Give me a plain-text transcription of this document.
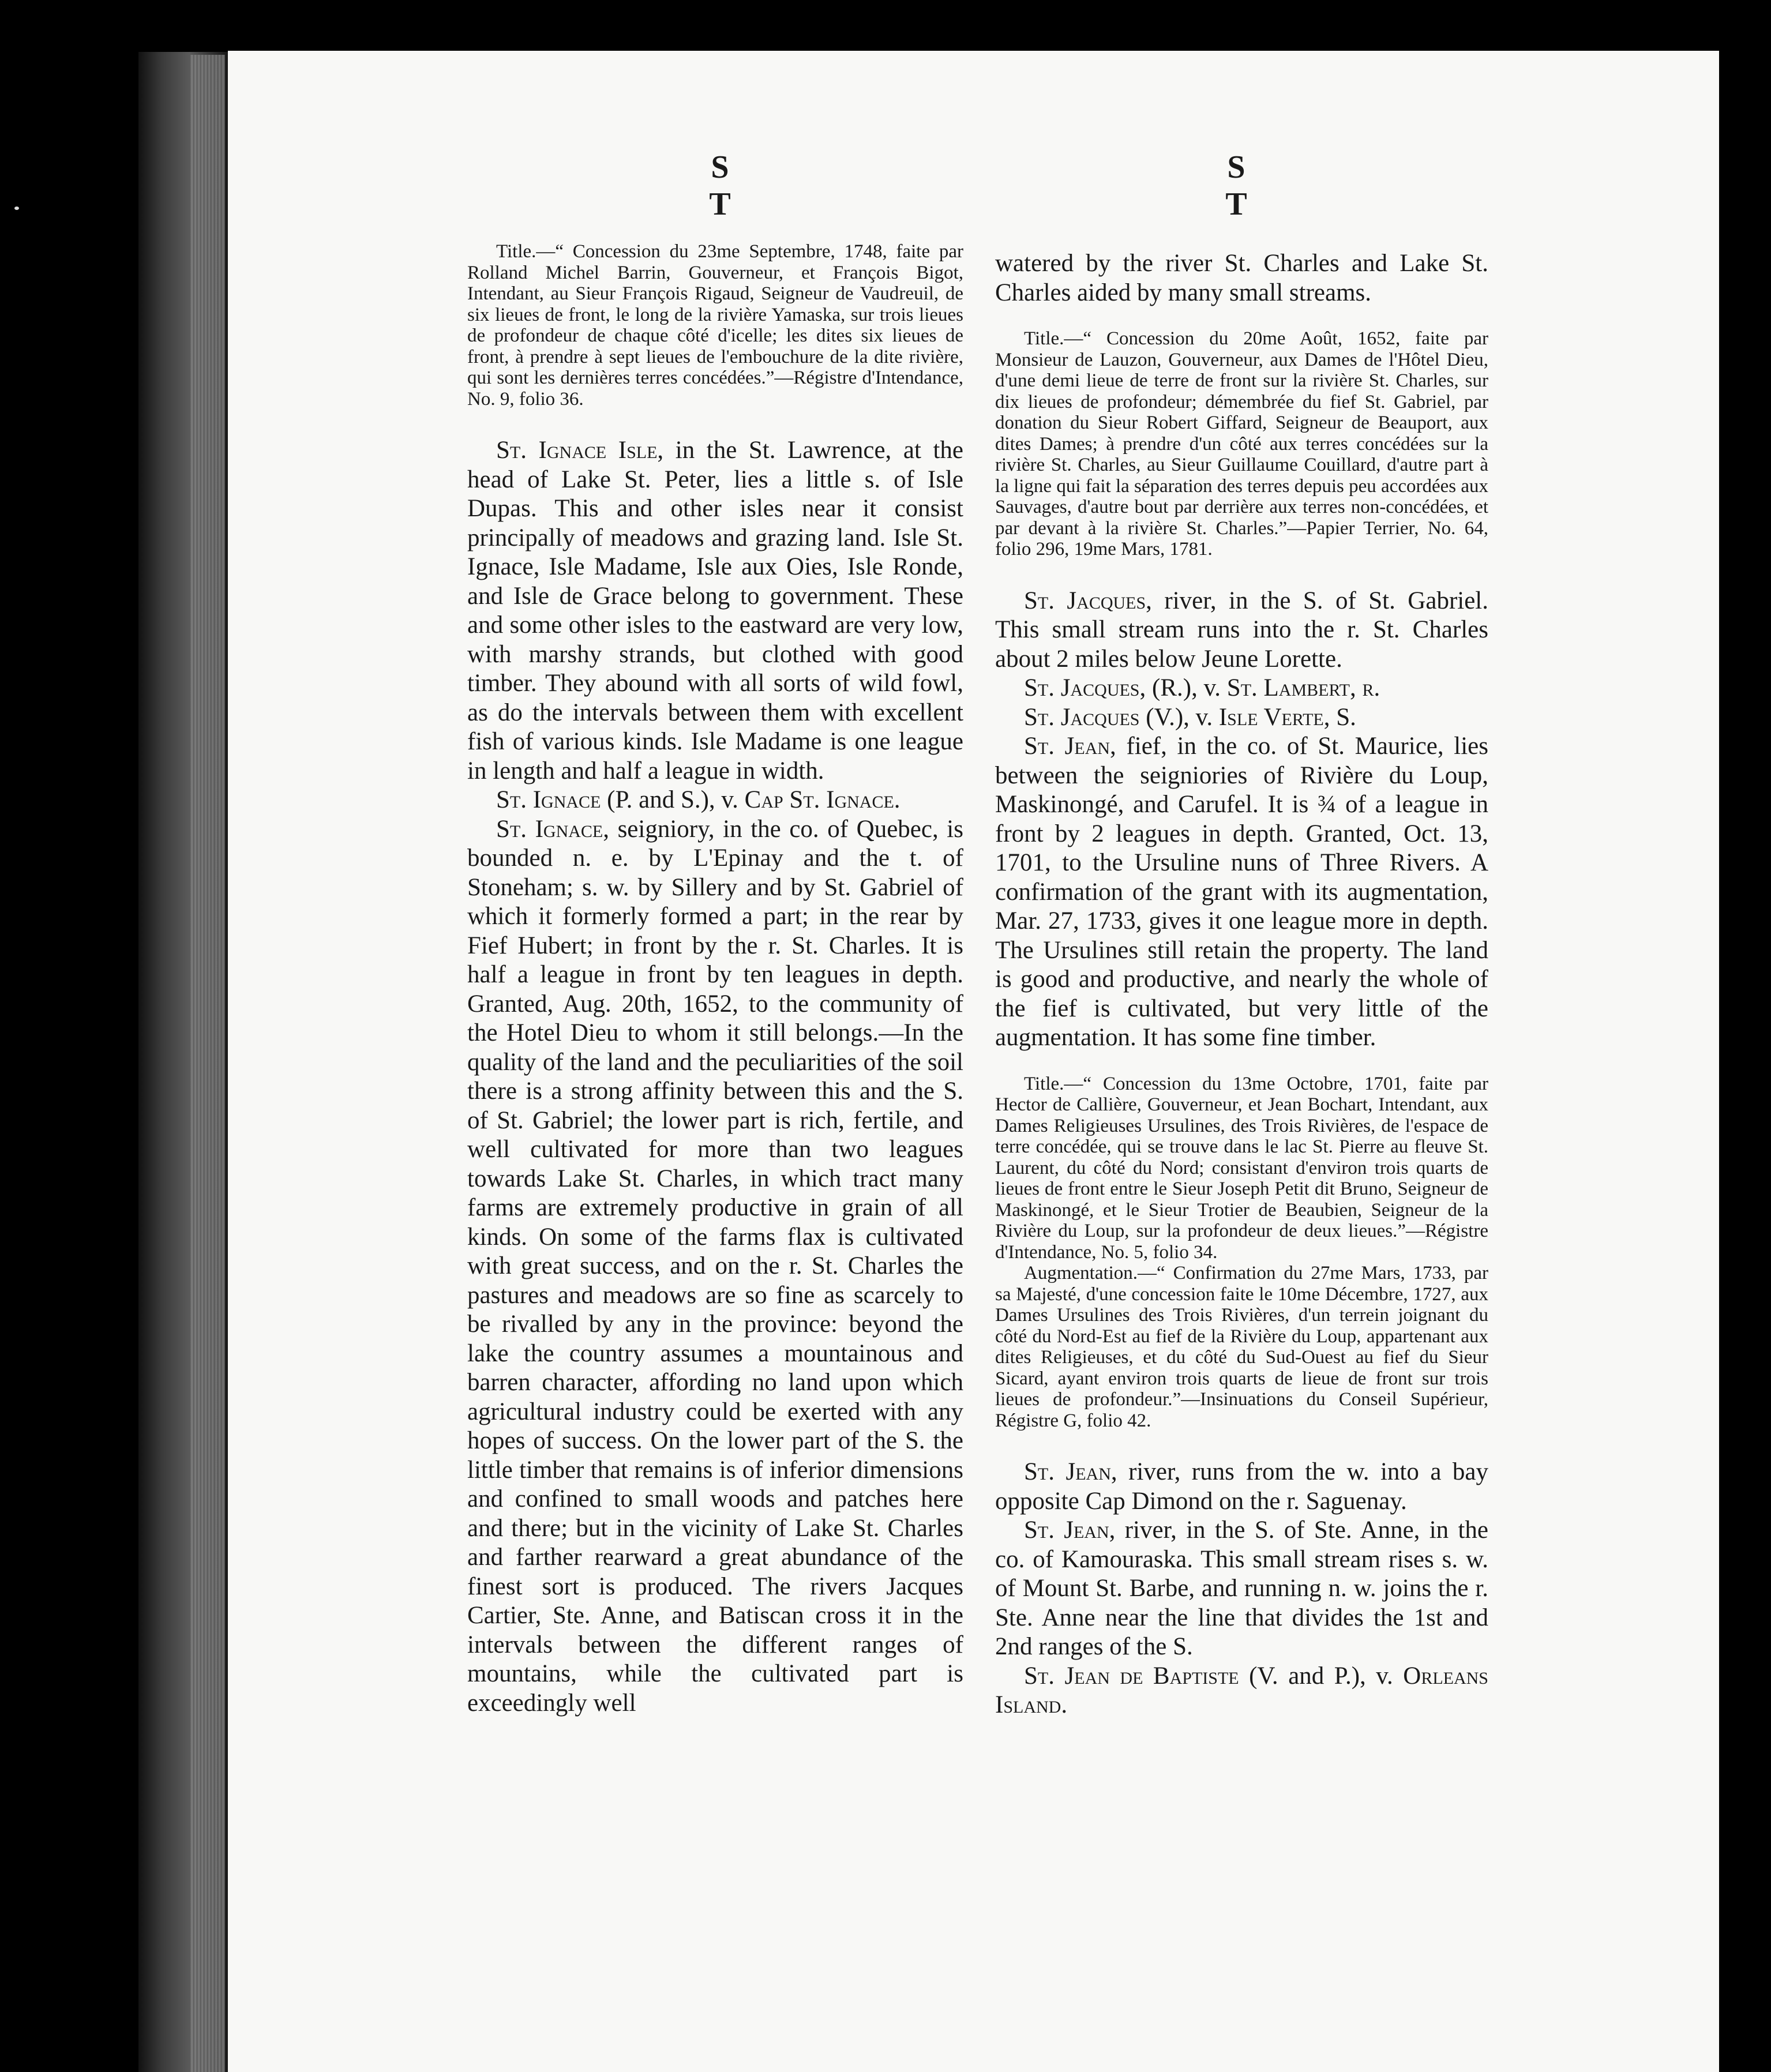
S T
S T

Title.—“ Concession du 23me Septembre, 1748, faite par Rolland Michel Barrin, Gouverneur, et François Bigot, Intendant, au Sieur François Rigaud, Seigneur de Vaudreuil, de six lieues de front, le long de la rivière Yamaska, sur trois lieues de profondeur de chaque côté d'icelle; les dites six lieues de front, à prendre à sept lieues de l'embouchure de la dite rivière, qui sont les dernières terres concédées.”—Régistre d'Intendance, No. 9, folio 36.

St. Ignace Isle, in the St. Lawrence, at the head of Lake St. Peter, lies a little s. of Isle Dupas. This and other isles near it consist principally of meadows and grazing land. Isle St. Ignace, Isle Madame, Isle aux Oies, Isle Ronde, and Isle de Grace belong to government. These and some other isles to the eastward are very low, with marshy strands, but clothed with good timber. They abound with all sorts of wild fowl, as do the intervals between them with excellent fish of various kinds. Isle Madame is one league in length and half a league in width.

St. Ignace (P. and S.), v. Cap St. Ignace.

St. Ignace, seigniory, in the co. of Quebec, is bounded n. e. by L'Epinay and the t. of Stoneham; s. w. by Sillery and by St. Gabriel of which it formerly formed a part; in the rear by Fief Hubert; in front by the r. St. Charles. It is half a league in front by ten leagues in depth. Granted, Aug. 20th, 1652, to the community of the Hotel Dieu to whom it still belongs.—In the quality of the land and the peculiarities of the soil there is a strong affinity between this and the S. of St. Gabriel; the lower part is rich, fertile, and well cultivated for more than two leagues towards Lake St. Charles, in which tract many farms are extremely productive in grain of all kinds. On some of the farms flax is cultivated with great success, and on the r. St. Charles the pastures and meadows are so fine as scarcely to be rivalled by any in the province: beyond the lake the country assumes a mountainous and barren character, affording no land upon which agricultural industry could be exerted with any hopes of success. On the lower part of the S. the little timber that remains is of inferior dimensions and confined to small woods and patches here and there; but in the vicinity of Lake St. Charles and farther rearward a great abundance of the finest sort is produced. The rivers Jacques Cartier, Ste. Anne, and Batiscan cross it in the intervals between the different ranges of mountains, while the cultivated part is exceedingly well

watered by the river St. Charles and Lake St. Charles aided by many small streams.

Title.—“ Concession du 20me Août, 1652, faite par Monsieur de Lauzon, Gouverneur, aux Dames de l'Hôtel Dieu, d'une demi lieue de terre de front sur la rivière St. Charles, sur dix lieues de profondeur; démembrée du fief St. Gabriel, par donation du Sieur Robert Giffard, Seigneur de Beauport, aux dites Dames; à prendre d'un côté aux terres concédées sur la rivière St. Charles, au Sieur Guillaume Couillard, d'autre part à la ligne qui fait la séparation des terres depuis peu accordées aux Sauvages, d'autre bout par derrière aux terres non-concédées, et par devant à la rivière St. Charles.”—Papier Terrier, No. 64, folio 296, 19me Mars, 1781.

St. Jacques, river, in the S. of St. Gabriel. This small stream runs into the r. St. Charles about 2 miles below Jeune Lorette.

St. Jacques, (R.), v. St. Lambert, r.

St. Jacques (V.), v. Isle Verte, S.

St. Jean, fief, in the co. of St. Maurice, lies between the seigniories of Rivière du Loup, Maskinongé, and Carufel. It is ¾ of a league in front by 2 leagues in depth. Granted, Oct. 13, 1701, to the Ursuline nuns of Three Rivers. A confirmation of the grant with its augmentation, Mar. 27, 1733, gives it one league more in depth. The Ursulines still retain the property. The land is good and productive, and nearly the whole of the fief is cultivated, but very little of the augmentation. It has some fine timber.

Title.—“ Concession du 13me Octobre, 1701, faite par Hector de Callière, Gouverneur, et Jean Bochart, Intendant, aux Dames Religieuses Ursulines, des Trois Rivières, de l'espace de terre concédée, qui se trouve dans le lac St. Pierre au fleuve St. Laurent, du côté du Nord; consistant d'environ trois quarts de lieues de front entre le Sieur Joseph Petit dit Bruno, Seigneur de Maskinongé, et le Sieur Trotier de Beaubien, Seigneur de la Rivière du Loup, sur la profondeur de deux lieues.”—Régistre d'Intendance, No. 5, folio 34.

Augmentation.—“ Confirmation du 27me Mars, 1733, par sa Majesté, d'une concession faite le 10me Décembre, 1727, aux Dames Ursulines des Trois Rivières, d'un terrein joignant du côté du Nord-Est au fief de la Rivière du Loup, appartenant aux dites Religieuses, et du côté du Sud-Ouest au fief du Sieur Sicard, ayant environ trois quarts de lieue de front sur trois lieues de profondeur.”—Insinuations du Conseil Supérieur, Régistre G, folio 42.

St. Jean, river, runs from the w. into a bay opposite Cap Dimond on the r. Saguenay.

St. Jean, river, in the S. of Ste. Anne, in the co. of Kamouraska. This small stream rises s. w. of Mount St. Barbe, and running n. w. joins the r. Ste. Anne near the line that divides the 1st and 2nd ranges of the S.

St. Jean de Baptiste (V. and P.), v. Orleans Island.
